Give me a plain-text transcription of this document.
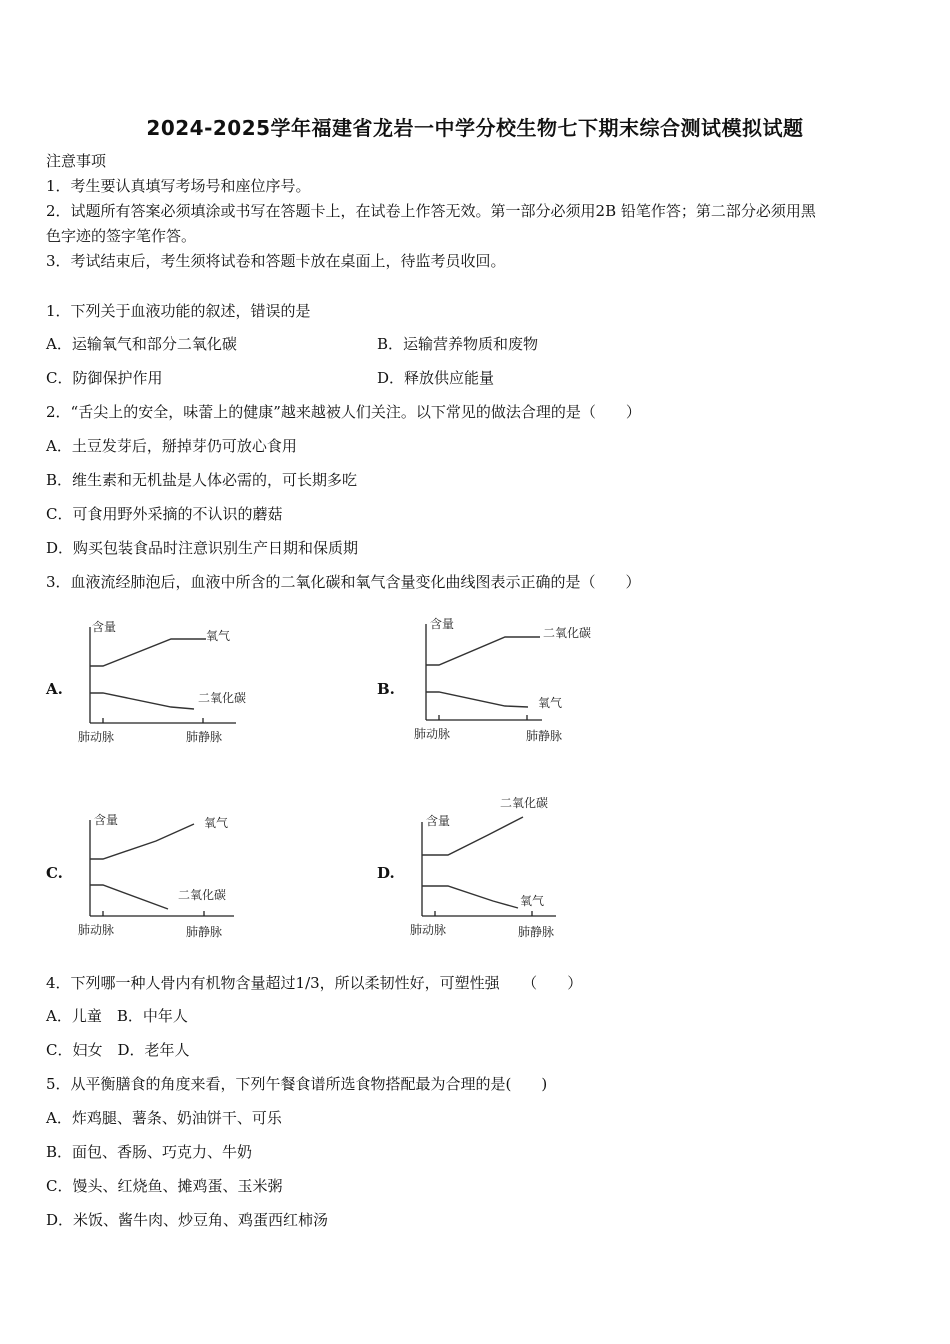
2024-2025学年福建省龙岩一中学分校生物七下期末综合测试模拟试题
注意事项
1．考生要认真填写考场号和座位序号。
2．试题所有答案必须填涂或书写在答题卡上，在试卷上作答无效。第一部分必须用2B 铅笔作答；第二部分必须用黑
色字迹的签字笔作答。
3．考试结束后，考生须将试卷和答题卡放在桌面上，待监考员收回。
1．下列关于血液功能的叙述，错误的是
A．运输氧气和部分二氧化碳	B．运输营养物质和废物
C．防御保护作用	D．释放供应能量
2．“舌尖上的安全，味蕾上的健康”越来越被人们关注。以下常见的做法合理的是（　　）
A．土豆发芽后，掰掉芽仍可放心食用
B．维生素和无机盐是人体必需的，可长期多吃
C．可食用野外采摘的不认识的蘑菇
D．购买包装食品时注意识别生产日期和保质期
3．血液流经肺泡后，血液中所含的二氧化碳和氧气含量变化曲线图表示正确的是（　　）
A.	B.
C.	D.
含量
氧气
二氧化碳
肺动脉	肺静脉
含量
二氧化碳
氧气
肺动脉	肺静脉
含量	氧气
二氧化碳
肺动脉	肺静脉
二氧化碳
含量
氧气
肺动脉	肺静脉
4．下列哪一种人骨内有机物含量超过1/3，所以柔韧性好，可塑性强　　（　　）
A．儿童　B．中年人
C．妇女　D．老年人
5．从平衡膳食的角度来看，下列午餐食谱所选食物搭配最为合理的是(　　)
A．炸鸡腿、薯条、奶油饼干、可乐
B．面包、香肠、巧克力、牛奶
C．馒头、红烧鱼、摊鸡蛋、玉米粥
D．米饭、酱牛肉、炒豆角、鸡蛋西红柿汤
